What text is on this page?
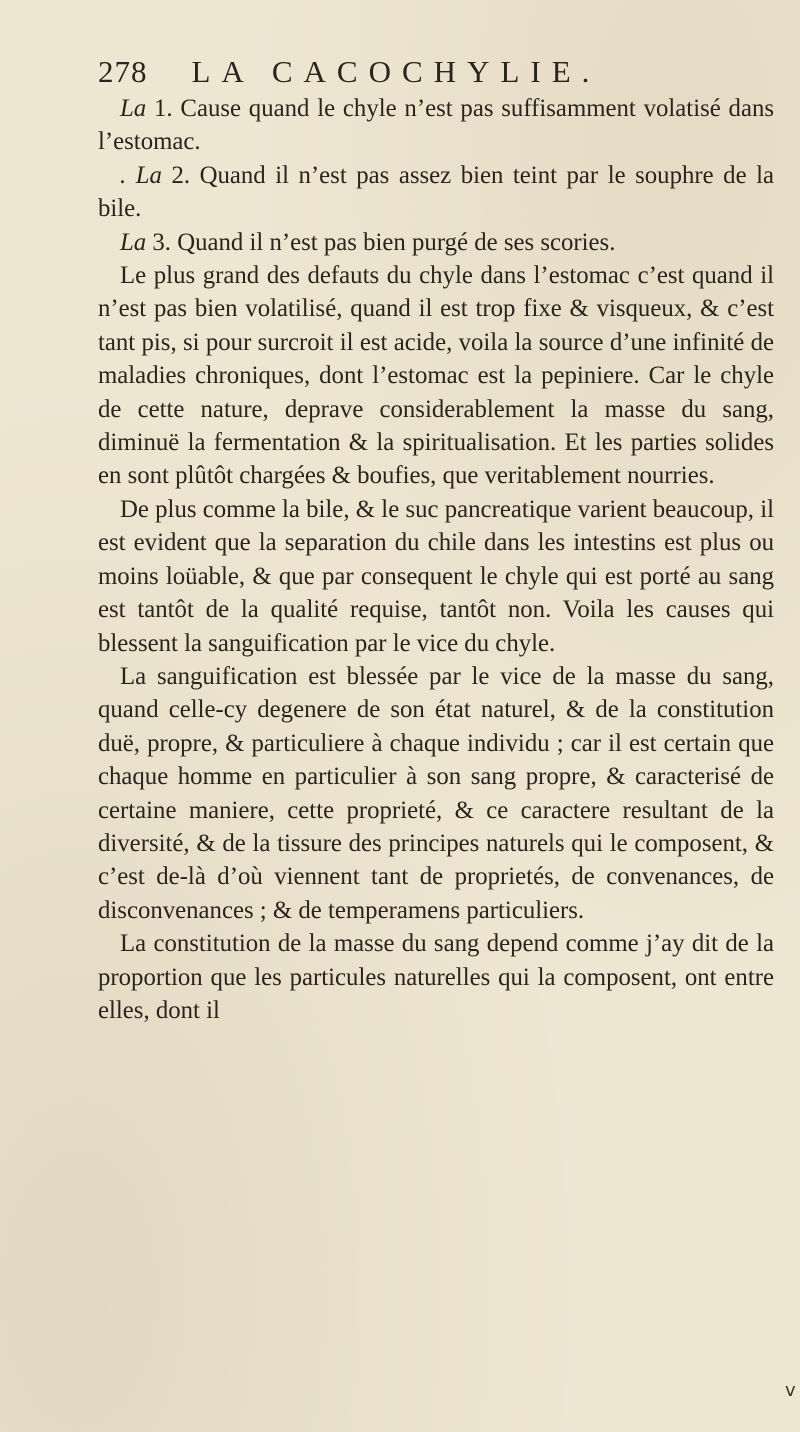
278 LA CACOCHYLIE.

La 1. Cause quand le chyle n’est pas suffisamment volatisé dans l’estomac.

. La 2. Quand il n’est pas assez bien teint par le souphre de la bile.

La 3. Quand il n’est pas bien purgé de ses scories.

Le plus grand des defauts du chyle dans l’estomac c’est quand il n’est pas bien volatilisé, quand il est trop fixe & visqueux, & c’est tant pis, si pour surcroit il est acide, voila la source d’une infinité de maladies chroniques, dont l’estomac est la pepiniere. Car le chyle de cette nature, deprave considerablement la masse du sang, diminuë la fermentation & la spiritualisation. Et les parties solides en sont plûtôt chargées & boufies, que veritablement nourries.

De plus comme la bile, & le suc pancreatique varient beaucoup, il est evident que la separation du chile dans les intestins est plus ou moins loüable, & que par consequent le chyle qui est porté au sang est tantôt de la qualité requise, tantôt non. Voila les causes qui blessent la sanguification par le vice du chyle.

La sanguification est blessée par le vice de la masse du sang, quand celle-cy degenere de son état naturel, & de la constitution duë, propre, & particuliere à chaque individu ; car il est certain que chaque homme en particulier à son sang propre, & caracterisé de certaine maniere, cette proprieté, & ce caractere resultant de la diversité, & de la tissure des principes naturels qui le composent, & c’est de-là d’où viennent tant de proprietés, de convenances, de disconvenances ; & de temperamens particuliers.

La constitution de la masse du sang depend comme j’ay dit de la proportion que les particules naturelles qui la composent, ont entre elles, dont il

v
